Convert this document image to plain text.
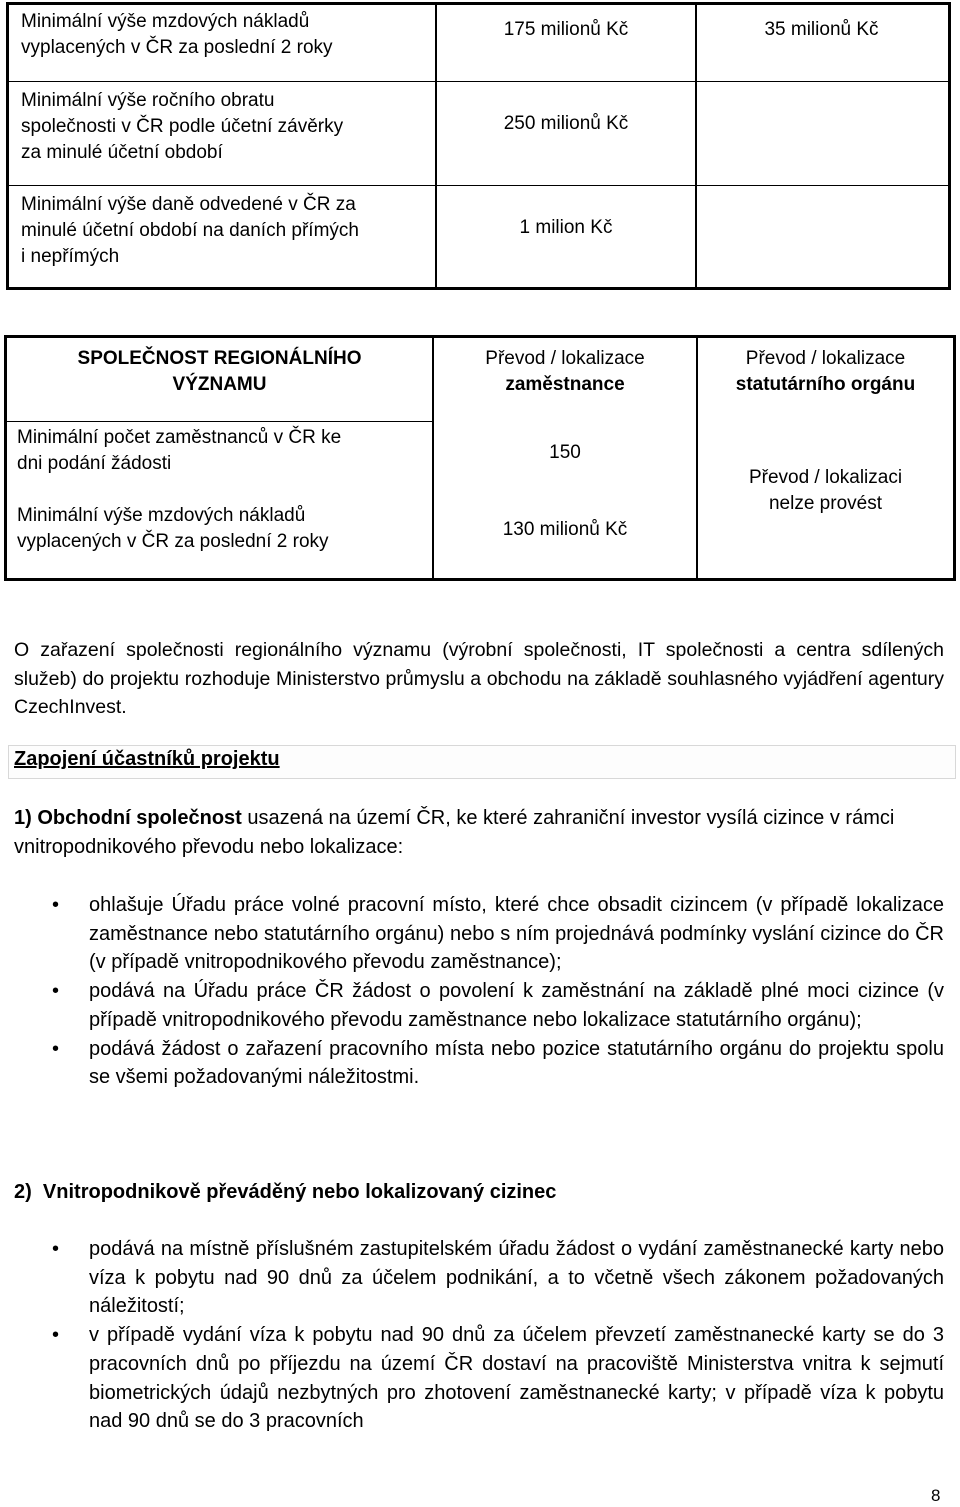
Minimální výše mzdových nákladů
vyplacených v ČR za poslední 2 roky
175 milionů Kč	35 milionů Kč
Minimální výše ročního obratu
společnosti v ČR podle účetní závěrky
za minulé účetní období
250 milionů Kč
Minimální výše daně odvedené v ČR za
minulé účetní období na daních přímých
i nepřímých
1 milion Kč
SPOLEČNOST REGIONÁLNÍHO
VÝZNAMU
Převod / lokalizace
zaměstnance
Převod / lokalizace
statutárního orgánu
Minimální počet zaměstnanců v ČR ke
dni podání žádosti
Minimální výše mzdových nákladů
vyplacených v ČR za poslední 2 roky
150
130 milionů Kč
Převod / lokalizaci
nelze provést
O zařazení společnosti regionálního významu (výrobní společnosti, IT společnosti a centra sdílených služeb) do projektu rozhoduje Ministerstvo průmyslu a obchodu na základě souhlasného vyjádření agentury CzechInvest.
Zapojení účastníků projektu
1) Obchodní společnost usazená na území ČR, ke které zahraniční investor vysílá cizince v rámci vnitropodnikového převodu nebo lokalizace:
• ohlašuje Úřadu práce volné pracovní místo, které chce obsadit cizincem (v případě lokalizace zaměstnance nebo statutárního orgánu) nebo s ním projednává podmínky vyslání cizince do ČR (v případě vnitropodnikového převodu zaměstnance);
• podává na Úřadu práce ČR žádost o povolení k zaměstnání na základě plné moci cizince (v případě vnitropodnikového převodu zaměstnance nebo lokalizace statutárního orgánu);
• podává žádost o zařazení pracovního místa nebo pozice statutárního orgánu do projektu spolu se všemi požadovanými náležitostmi.
2) Vnitropodnikově převáděný nebo lokalizovaný cizinec
• podává na místně příslušném zastupitelském úřadu žádost o vydání zaměstnanecké karty nebo víza k pobytu nad 90 dnů za účelem podnikání, a to včetně všech zákonem požadovaných náležitostí;
• v případě vydání víza k pobytu nad 90 dnů za účelem převzetí zaměstnanecké karty se do 3 pracovních dnů po příjezdu na území ČR dostaví na pracoviště Ministerstva vnitra k sejmutí biometrických údajů nezbytných pro zhotovení zaměstnanecké karty; v případě víza k pobytu nad 90 dnů se do 3 pracovních
8
